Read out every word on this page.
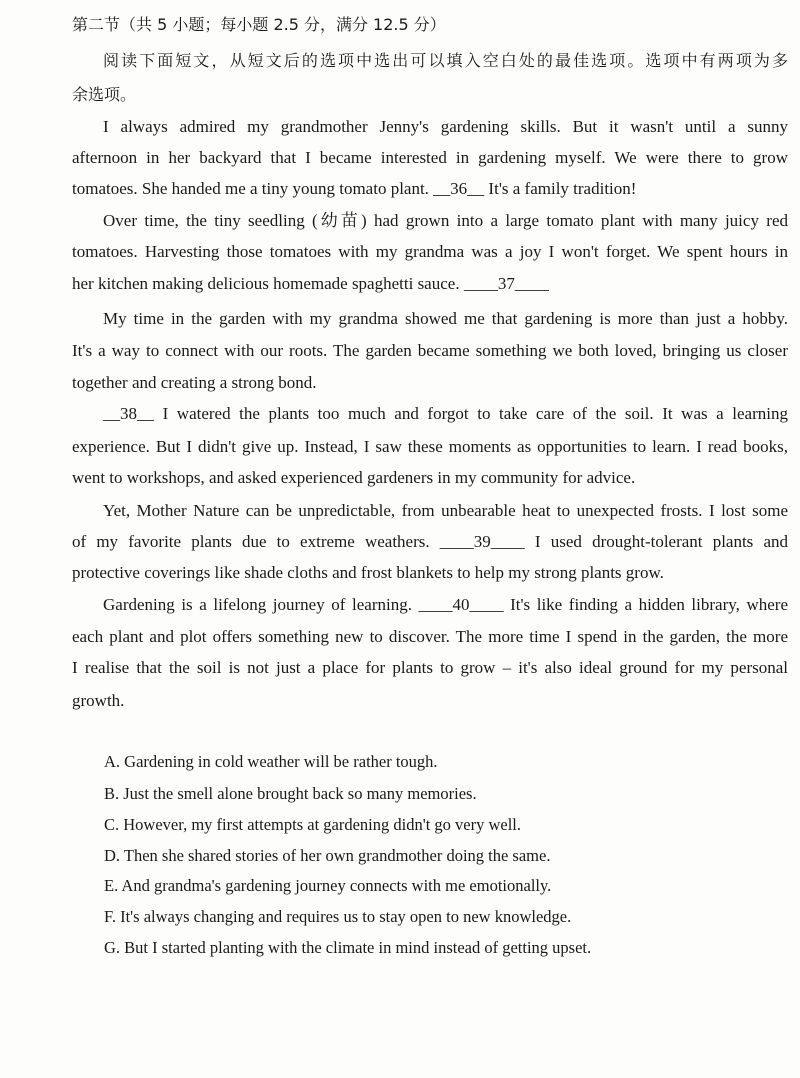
第二节（共 5 小题；每小题 2.5 分，满分 12.5 分）
阅读下面短文，从短文后的选项中选出可以填入空白处的最佳选项。选项中有两项为多
余选项。
I always admired my grandmother Jenny's gardening skills. But it wasn't until a sunny
afternoon in her backyard that I became interested in gardening myself. We were there to grow
tomatoes. She handed me a tiny young tomato plant. __36__ It's a family tradition!
Over time, the tiny seedling (幼苗) had grown into a large tomato plant with many juicy red
tomatoes. Harvesting those tomatoes with my grandma was a joy I won't forget. We spent hours in
her kitchen making delicious homemade spaghetti sauce. ____37____
My time in the garden with my grandma showed me that gardening is more than just a hobby.
It's a way to connect with our roots. The garden became something we both loved, bringing us closer
together and creating a strong bond.
__38__ I watered the plants too much and forgot to take care of the soil. It was a learning
experience. But I didn't give up. Instead, I saw these moments as opportunities to learn. I read books,
went to workshops, and asked experienced gardeners in my community for advice.
Yet, Mother Nature can be unpredictable, from unbearable heat to unexpected frosts. I lost some
of my favorite plants due to extreme weathers. ____39____ I used drought-tolerant plants and
protective coverings like shade cloths and frost blankets to help my strong plants grow.
Gardening is a lifelong journey of learning. ____40____ It's like finding a hidden library, where
each plant and plot offers something new to discover. The more time I spend in the garden, the more
I realise that the soil is not just a place for plants to grow – it's also ideal ground for my personal
growth.
A. Gardening in cold weather will be rather tough.
B. Just the smell alone brought back so many memories.
C. However, my first attempts at gardening didn't go very well.
D. Then she shared stories of her own grandmother doing the same.
E. And grandma's gardening journey connects with me emotionally.
F. It's always changing and requires us to stay open to new knowledge.
G. But I started planting with the climate in mind instead of getting upset.
